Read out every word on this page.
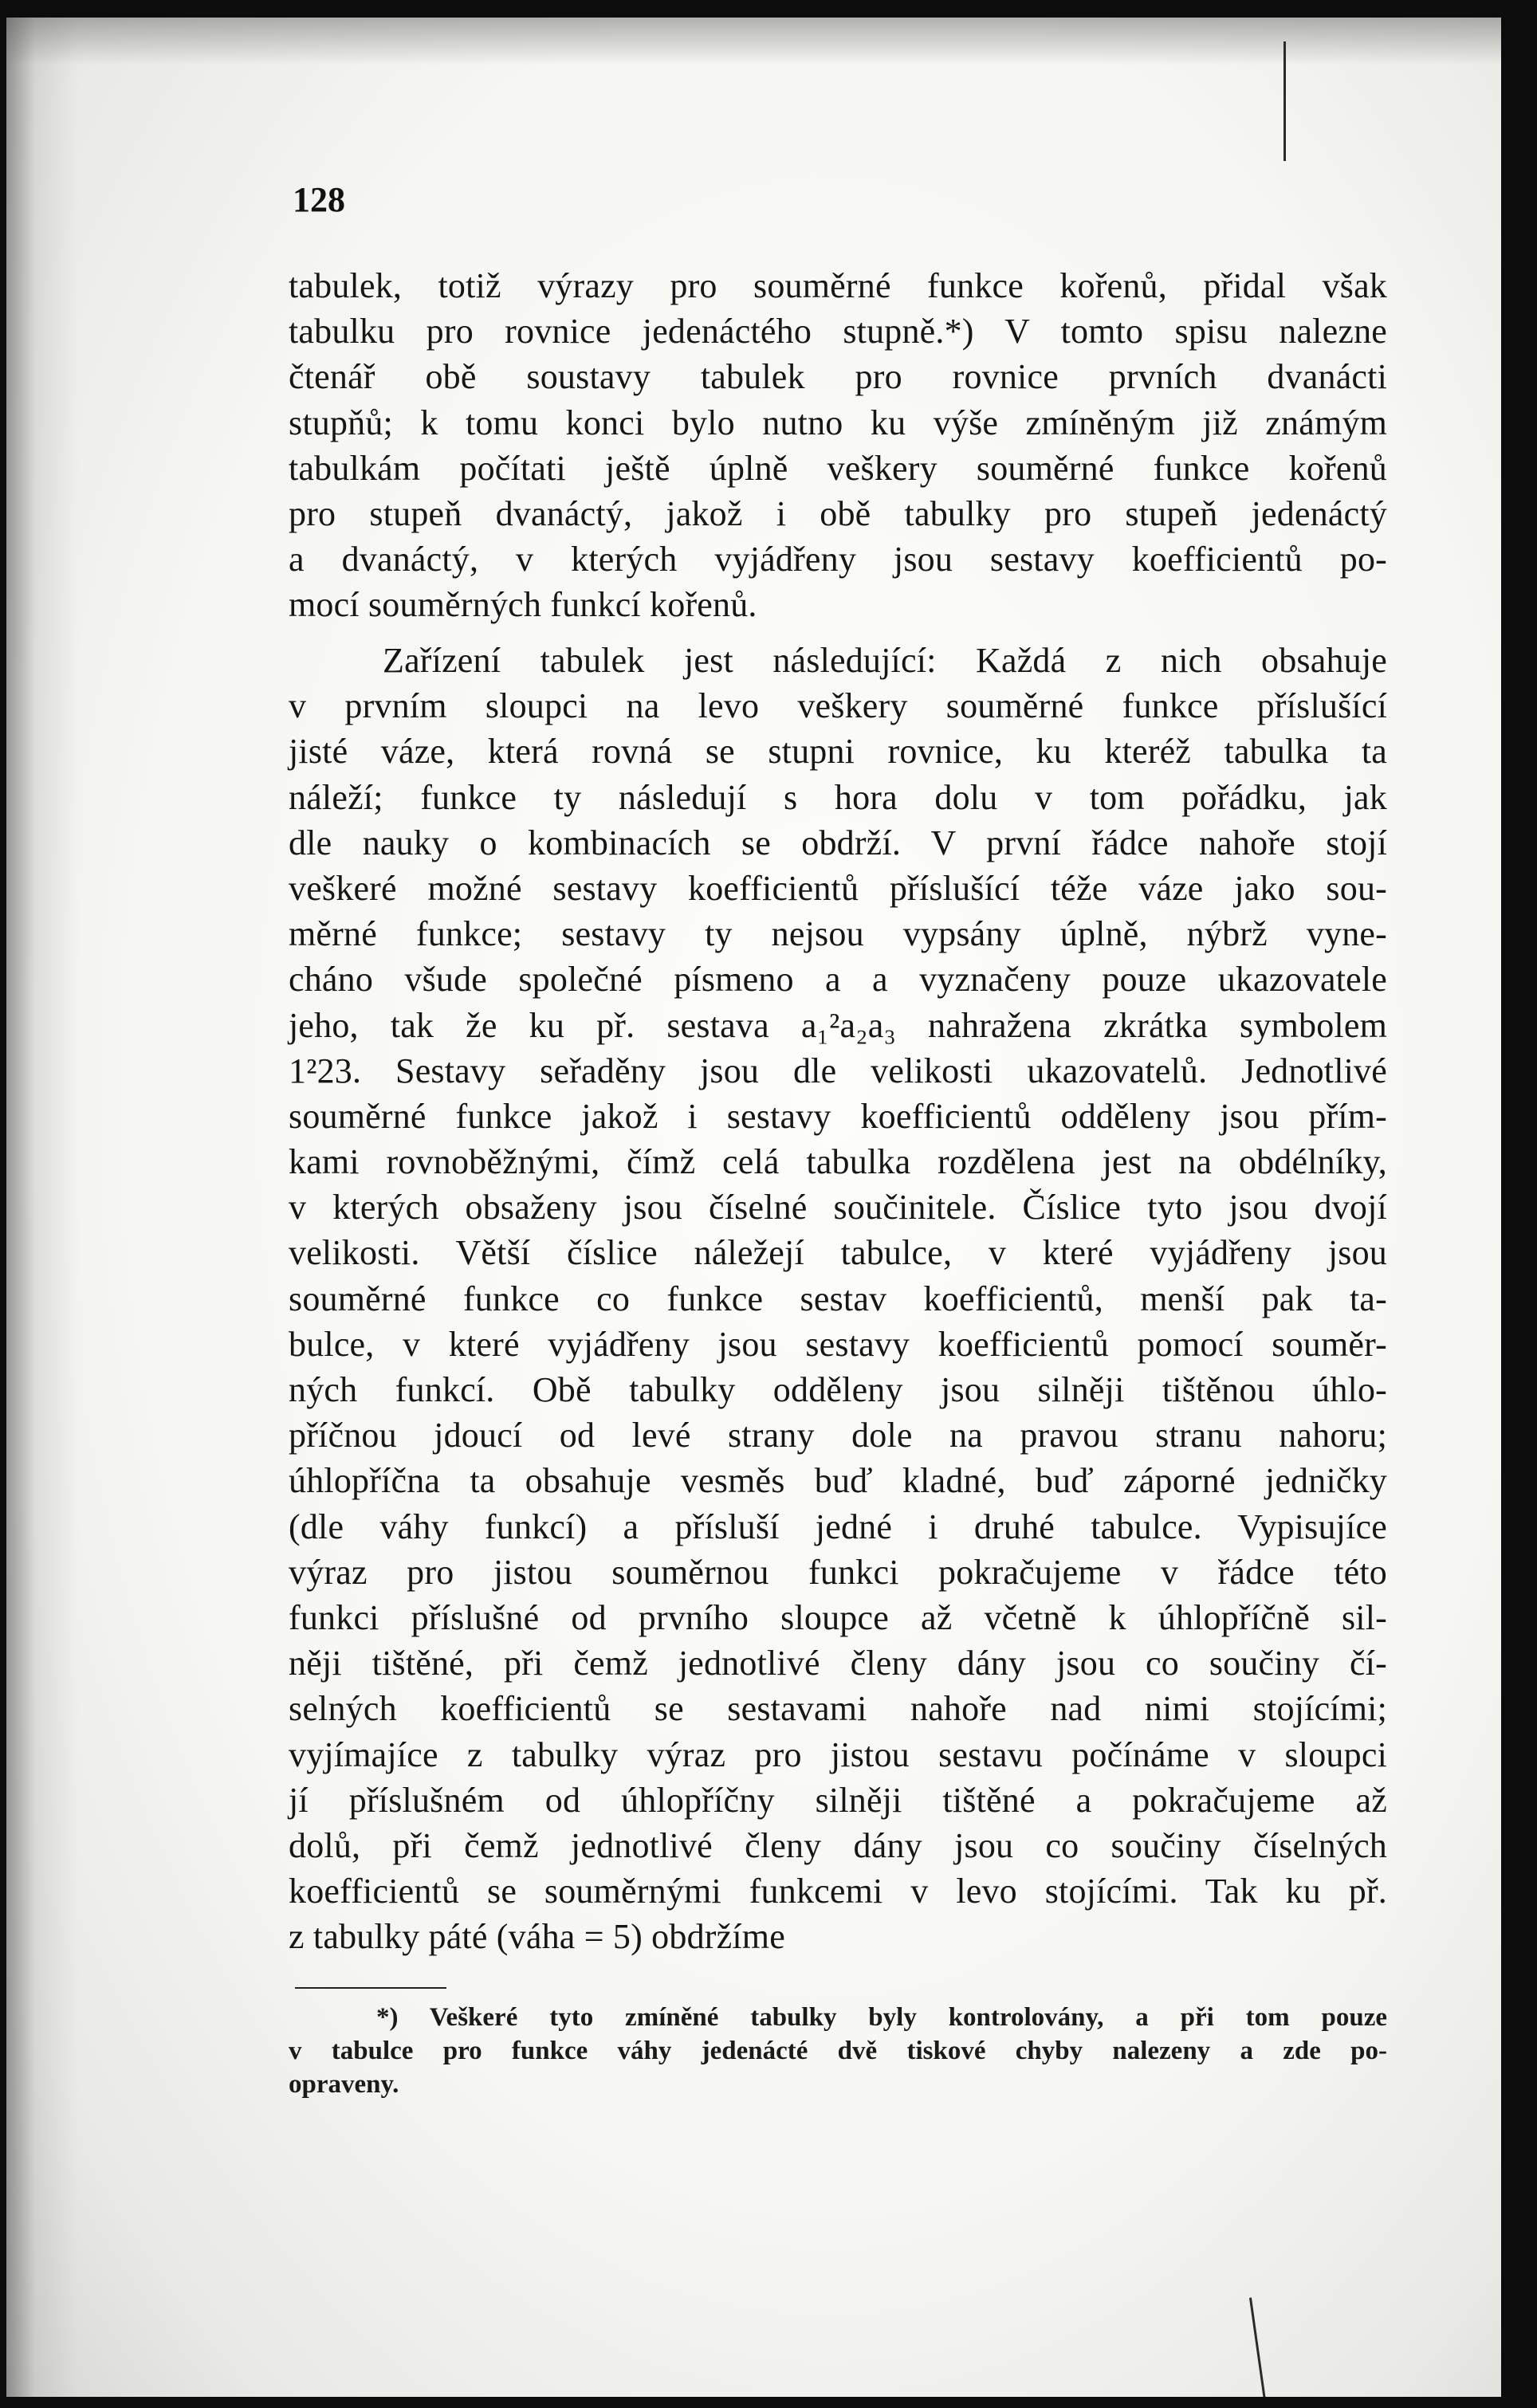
128
tabulek, totiž výrazy pro souměrné funkce kořenů, přidal však
tabulku pro rovnice jedenáctého stupně.*) V tomto spisu nalezne
čtenář obě soustavy tabulek pro rovnice prvních dvanácti
stupňů; k tomu konci bylo nutno ku výše zmíněným již známým
tabulkám počítati ještě úplně veškery souměrné funkce kořenů
pro stupeň dvanáctý, jakož i obě tabulky pro stupeň jedenáctý
a dvanáctý, v kterých vyjádřeny jsou sestavy koefficientů po-
mocí souměrných funkcí kořenů.
Zařízení tabulek jest následující: Každá z nich obsahuje
v prvním sloupci na levo veškery souměrné funkce příslušící
jisté váze, která rovná se stupni rovnice, ku kteréž tabulka ta
náleží; funkce ty následují s hora dolu v tom pořádku, jak
dle nauky o kombinacích se obdrží. V první řádce nahoře stojí
veškeré možné sestavy koefficientů příslušící téže váze jako sou-
měrné funkce; sestavy ty nejsou vypsány úplně, nýbrž vyne-
cháno všude společné písmeno a a vyznačeny pouze ukazovatele
jeho, tak že ku př. sestava a₁²a₂a₃ nahražena zkrátka symbolem
1²23. Sestavy seřaděny jsou dle velikosti ukazovatelů. Jednotlivé
souměrné funkce jakož i sestavy koefficientů odděleny jsou přím-
kami rovnoběžnými, čímž celá tabulka rozdělena jest na obdélníky,
v kterých obsaženy jsou číselné součinitele. Číslice tyto jsou dvojí
velikosti. Větší číslice náležejí tabulce, v které vyjádřeny jsou
souměrné funkce co funkce sestav koefficientů, menší pak ta-
bulce, v které vyjádřeny jsou sestavy koefficientů pomocí souměr-
ných funkcí. Obě tabulky odděleny jsou silněji tištěnou úhlo-
příčnou jdoucí od levé strany dole na pravou stranu nahoru;
úhlopříčna ta obsahuje vesměs buď kladné, buď záporné jedničky
(dle váhy funkcí) a přísluší jedné i druhé tabulce. Vypisujíce
výraz pro jistou souměrnou funkci pokračujeme v řádce této
funkci příslušné od prvního sloupce až včetně k úhlopříčně sil-
něji tištěné, při čemž jednotlivé členy dány jsou co součiny čí-
selných koefficientů se sestavami nahoře nad nimi stojícími;
vyjímajíce z tabulky výraz pro jistou sestavu počínáme v sloupci
jí příslušném od úhlopříčny silněji tištěné a pokračujeme až
dolů, při čemž jednotlivé členy dány jsou co součiny číselných
koefficientů se souměrnými funkcemi v levo stojícími. Tak ku př.
z tabulky páté (váha = 5) obdržíme
*) Veškeré tyto zmíněné tabulky byly kontrolovány, a při tom pouze
v tabulce pro funkce váhy jedenácté dvě tiskové chyby nalezeny a zde po-
opraveny.
